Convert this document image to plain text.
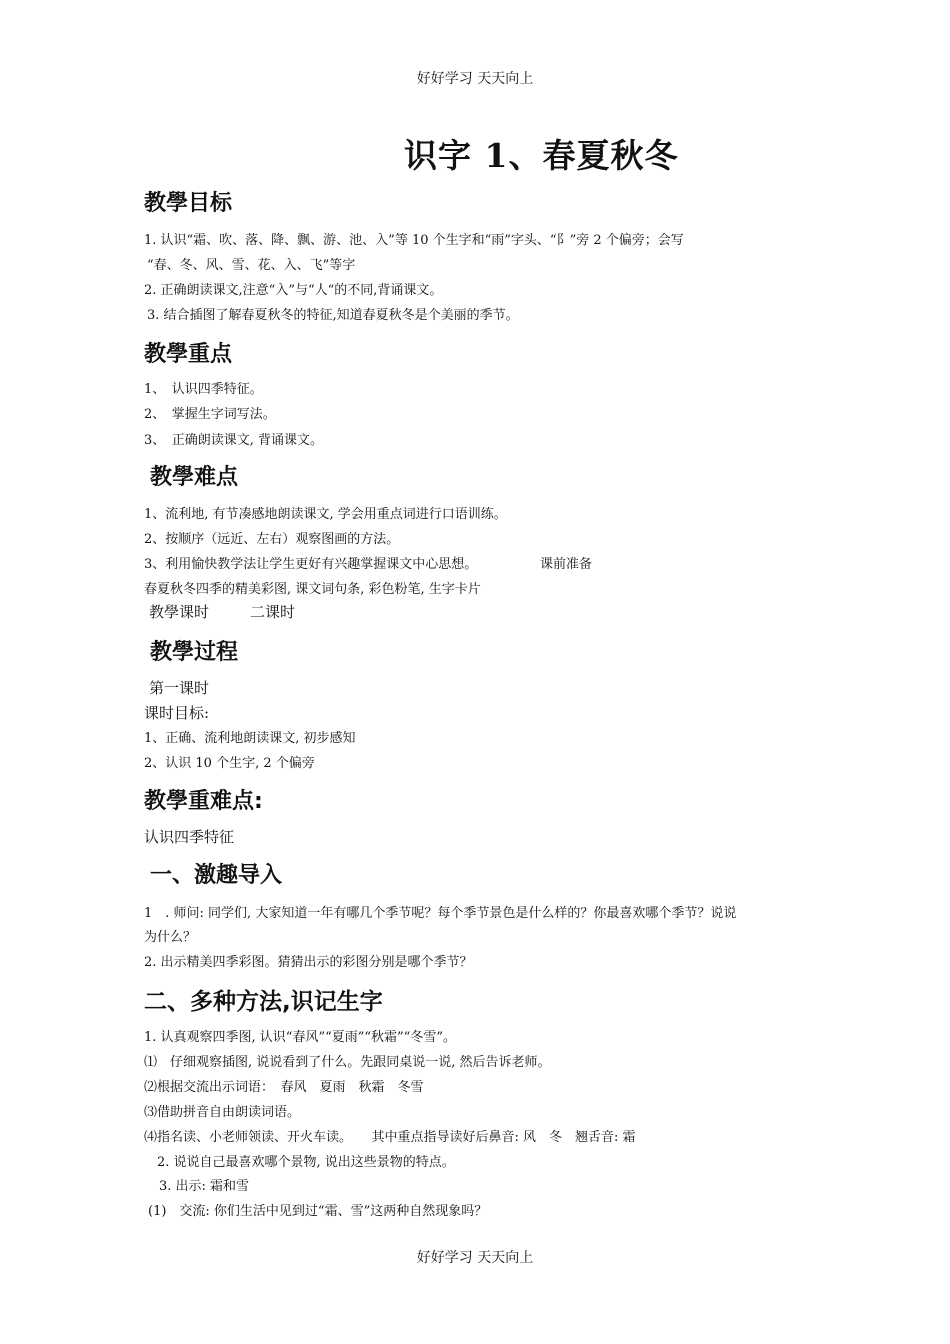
好好学习 天天向上
识字 1、春夏秋冬
教學目标
1. 认识“霜、吹、落、降、飘、游、池、入”等 10 个生字和“雨”字头、“阝”旁 2 个偏旁；会写
“春、冬、风、雪、花、入、飞”等字
2. 正确朗读课文,注意“入”与“人“的不同,背诵课文。
3. 结合插图了解春夏秋冬的特征,知道春夏秋冬是个美丽的季节。
教學重点
1、　认识四季特征。
2、　掌握生字词写法。
3、　正确朗读课文, 背诵课文。
教學难点
1、流利地, 有节凑感地朗读课文, 学会用重点词进行口语训练。
2、按顺序（远近、左右）观察图画的方法。
3、利用愉快教学法让学生更好有兴趣掌握课文中心思想。	课前准备
春夏秋冬四季的精美彩图, 课文词句条, 彩色粉笔, 生字卡片
教學课时	二课时
教學过程
第一课时
课时目标:
1、正确、流利地朗读课文, 初步感知
2、认识 10 个生字, 2 个偏旁
教學重难点:
认识四季特征
一、激趣导入
1　. 师问: 同学们, 大家知道一年有哪几个季节呢？每个季节景色是什么样的？你最喜欢哪个季节？说说
为什么？
2. 出示精美四季彩图。猜猜出示的彩图分别是哪个季节？
二、多种方法,识记生字
1. 认真观察四季图, 认识“春风”“夏雨”“秋霜”“冬雪”。
⑴　仔细观察插图, 说说看到了什么。先跟同桌说一说, 然后告诉老师。
⑵根据交流出示词语：　春风　夏雨　秋霜　冬雪
⑶借助拼音自由朗读词语。
⑷指名读、小老师领读、开火车读。　　其中重点指导读好后鼻音: 风　冬　翘舌音: 霜
2. 说说自己最喜欢哪个景物, 说出这些景物的特点。
3. 出示: 霜和雪
(1)　交流: 你们生活中见到过“霜、雪”这两种自然现象吗？
好好学习 天天向上
